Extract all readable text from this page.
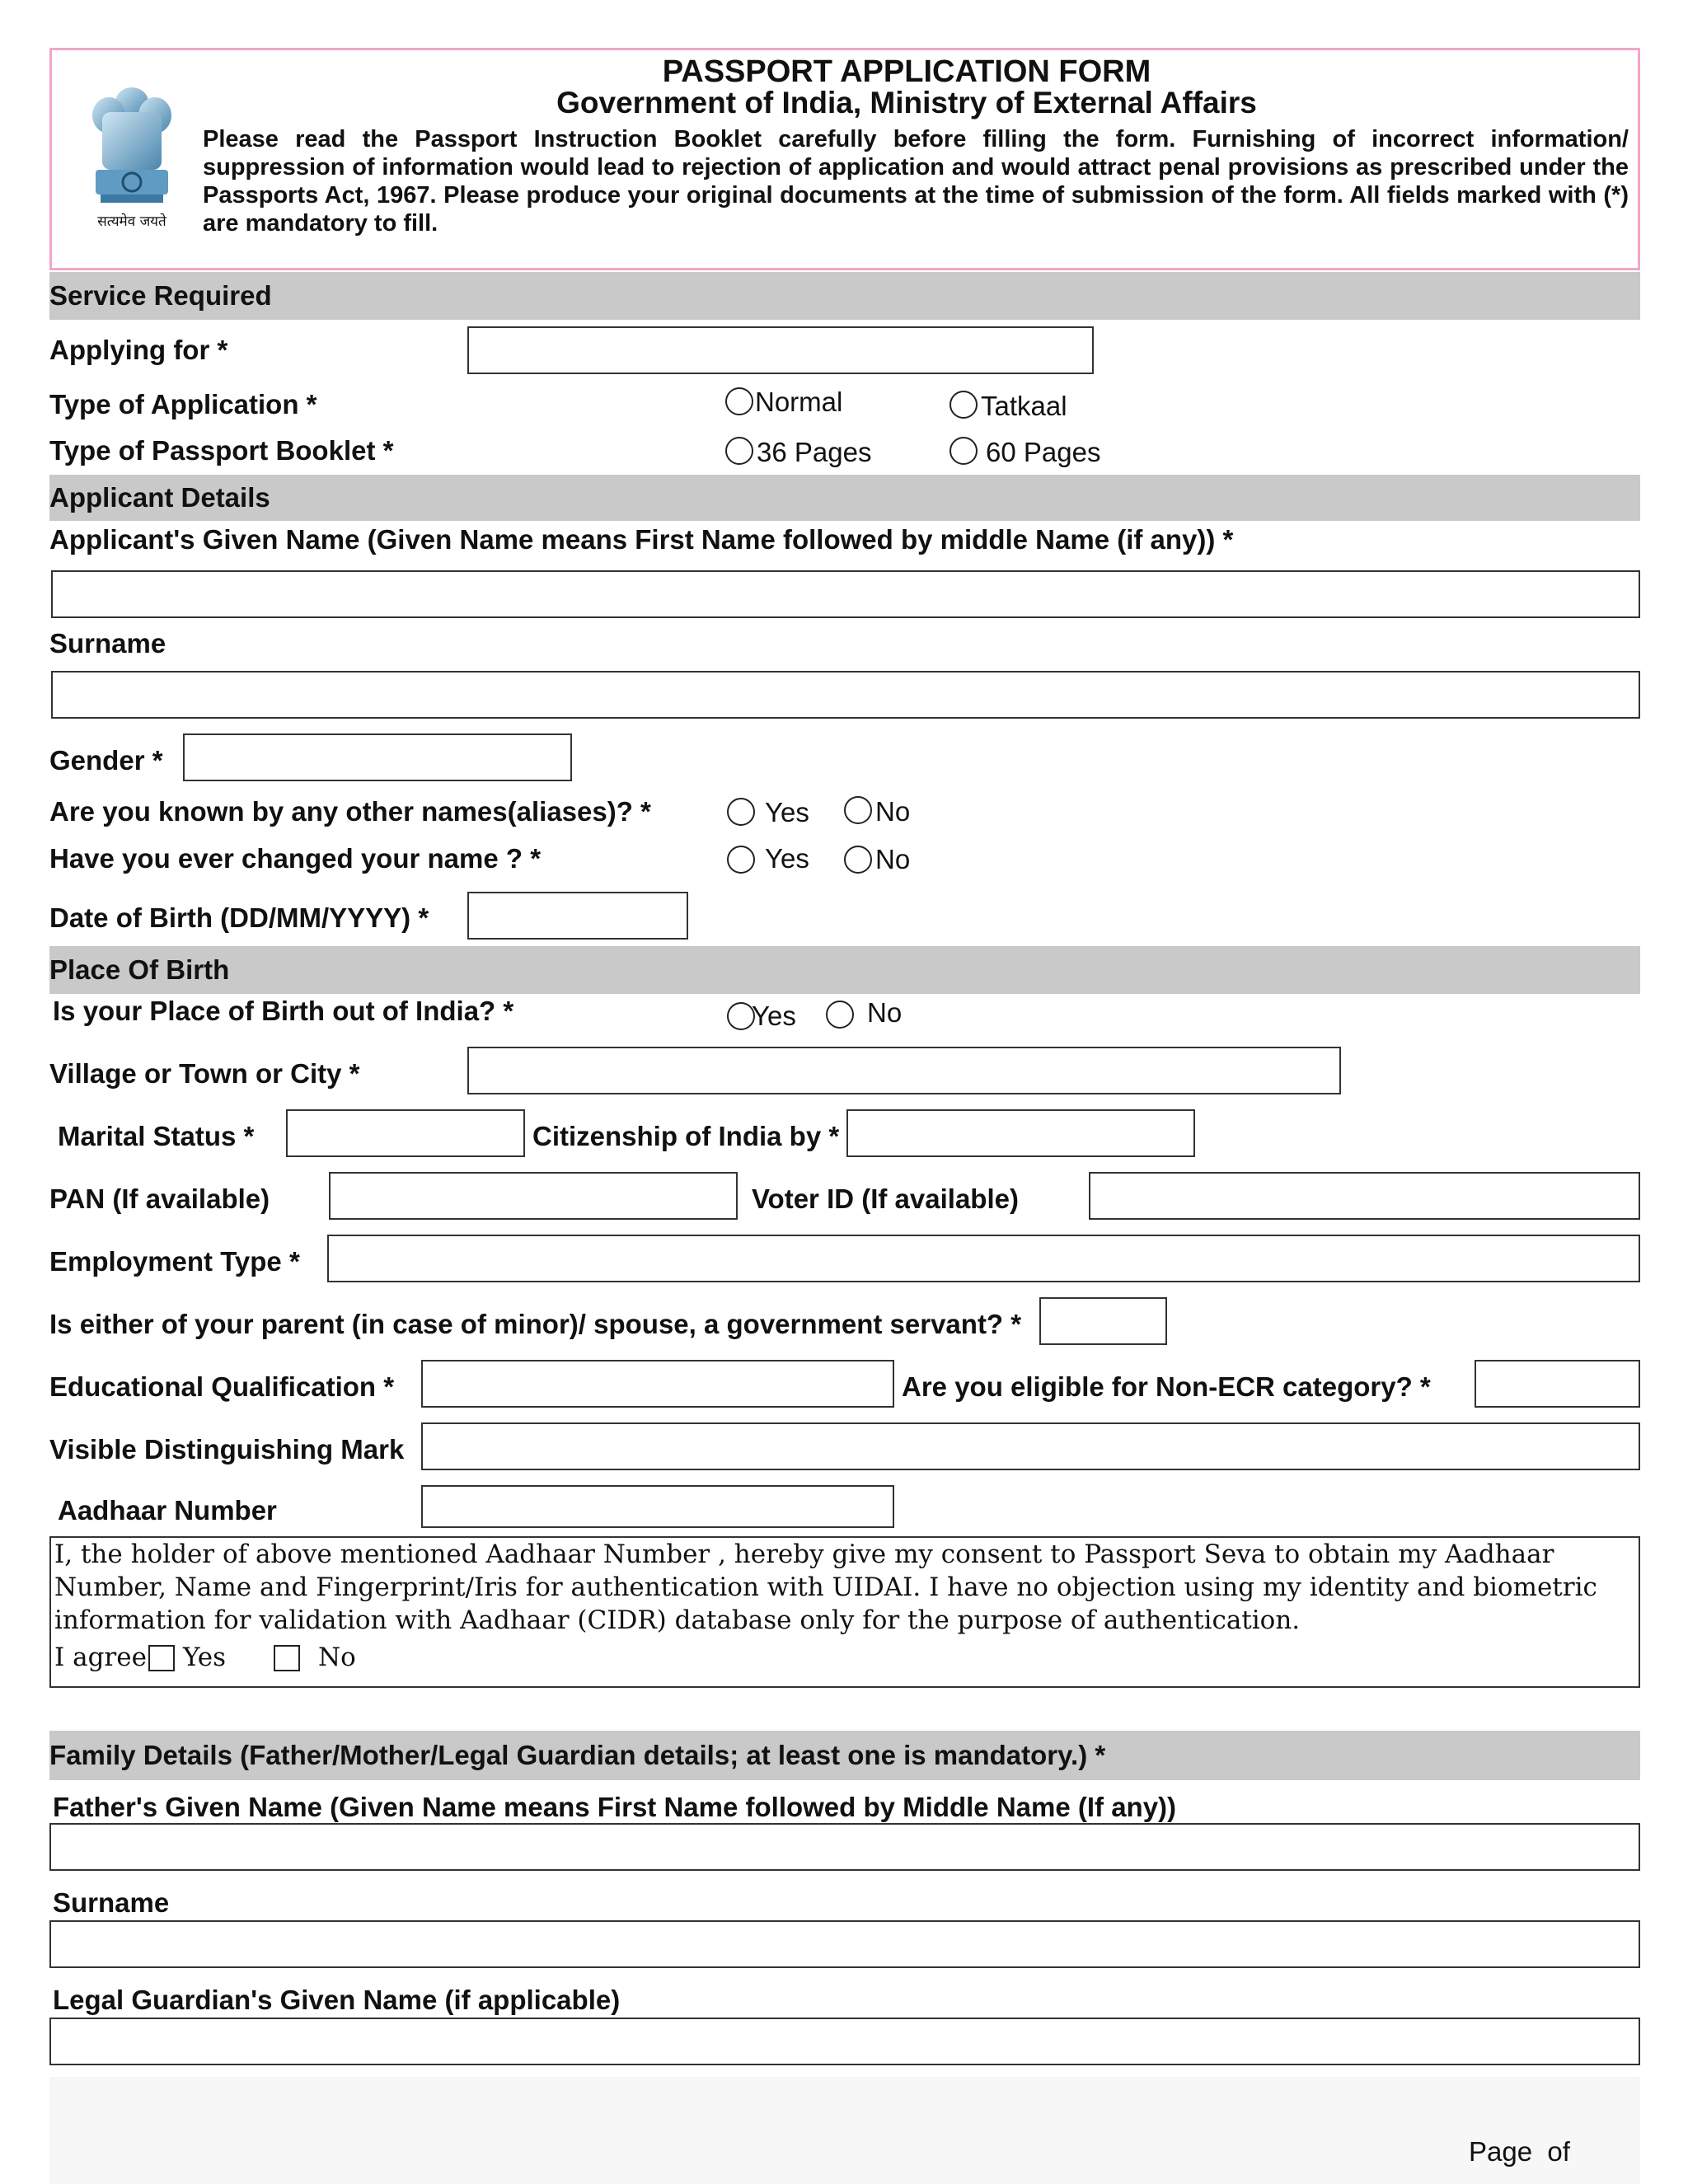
सत्यमेव जयते
PASSPORT APPLICATION FORM
Government of India, Ministry of External Affairs
Please read the Passport Instruction Booklet carefully before filling the form. Furnishing of incorrect information/ suppression of information would lead to rejection of application and would attract penal provisions as prescribed under the Passports Act, 1967. Please produce your original documents at the time of submission of the form. All fields marked with (*) are mandatory to fill.
Service Required
Applying for *
Type of Application *	Normal	Tatkaal
Type of Passport Booklet *	36 Pages	60 Pages
Applicant Details
Applicant's Given Name (Given Name means First Name followed by middle Name (if any)) *
Surname
Gender *
Are you known by any other names(aliases)? *	Yes No
Have you ever changed your name ? *	Yes No
Date of Birth (DD/MM/YYYY) *
Place Of Birth
Is your Place of Birth out of India? *	Yes	No
Village or Town or City *
Marital Status *	Citizenship of India by *
PAN (If available)	Voter ID (If available)
Employment Type *
Is either of your parent (in case of minor)/ spouse, a government servant? *
Educational Qualification *	Are you eligible for Non-ECR category? *
Visible Distinguishing Mark
Aadhaar Number
I, the holder of above mentioned Aadhaar Number , hereby give my consent to Passport Seva to obtain my Aadhaar Number, Name and Fingerprint/Iris for authentication with UIDAI. I have no objection using my identity and biometric information for validation with Aadhaar (CIDR) database only for the purpose of authentication.
I agree Yes	No
Family Details (Father/Mother/Legal Guardian details; at least one is mandatory.) *
Father's Given Name (Given Name means First Name followed by Middle Name (If any))
Surname
Legal Guardian's Given Name (if applicable)
Page  of
